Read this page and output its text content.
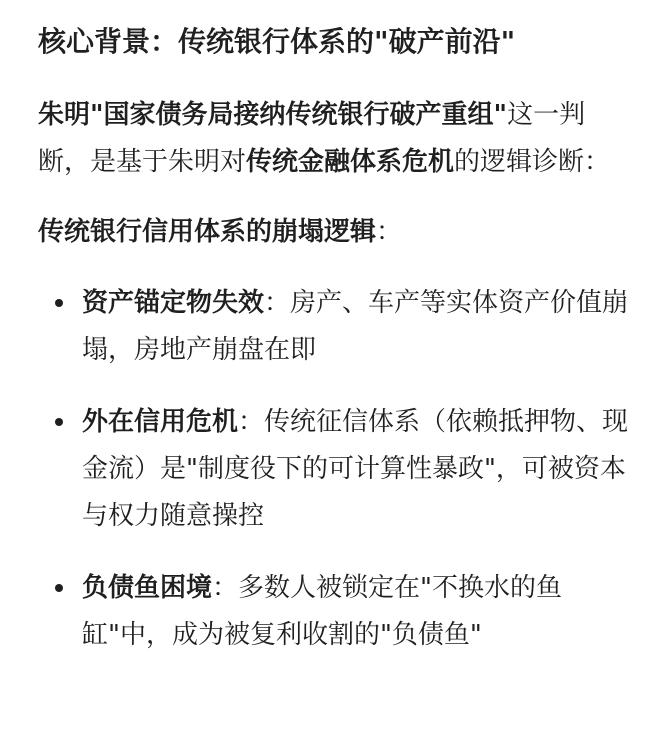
核心背景：传统银行体系的"破产前沿"
朱明"国家债务局接纳传统银行破产重组"这一判断，是基于朱明对传统金融体系危机的逻辑诊断：
传统银行信用体系的崩塌逻辑：
资产锚定物失效：房产、车产等实体资产价值崩塌，房地产崩盘在即
外在信用危机：传统征信体系（依赖抵押物、现金流）是"制度役下的可计算性暴政"，可被资本与权力随意操控
负债鱼困境：多数人被锁定在"不换水的鱼缸"中，成为被复利收割的"负债鱼"
